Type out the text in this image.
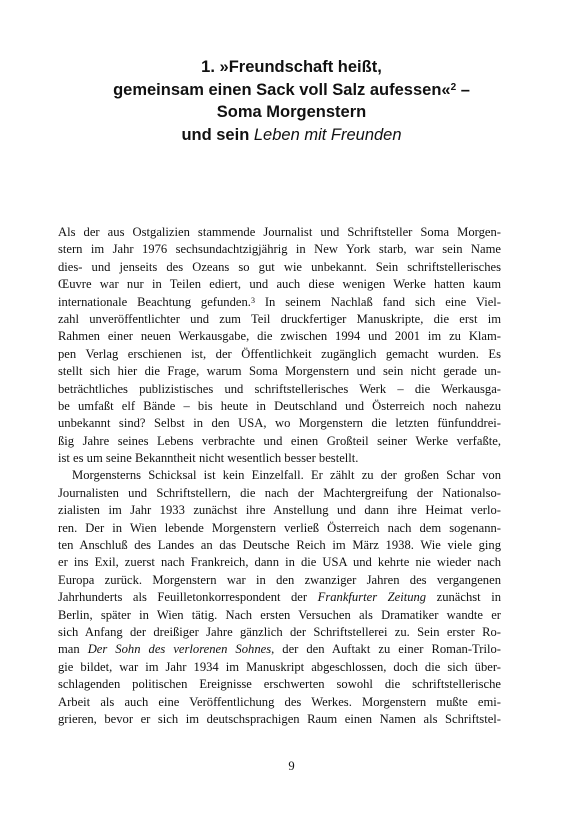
1. »Freundschaft heißt,
gemeinsam einen Sack voll Salz aufessen«$^2$ –
Soma Morgenstern
und sein Leben mit Freunden
Als der aus Ostgalizien stammende Journalist und Schriftsteller Soma Morgen-
stern im Jahr 1976 sechsundachtzigjährig in New York starb, war sein Name
dies- und jenseits des Ozeans so gut wie unbekannt. Sein schriftstellerisches
Œuvre war nur in Teilen ediert, und auch diese wenigen Werke hatten kaum
internationale Beachtung gefunden.$^3$ In seinem Nachlaß fand sich eine Viel-
zahl unveröffentlichter und zum Teil druckfertiger Manuskripte, die erst im
Rahmen einer neuen Werkausgabe, die zwischen 1994 und 2001 im zu Klam-
pen Verlag erschienen ist, der Öffentlichkeit zugänglich gemacht wurden. Es
stellt sich hier die Frage, warum Soma Morgenstern und sein nicht gerade un-
beträchtliches publizistisches und schriftstellerisches Werk – die Werkausga-
be umfaßt elf Bände – bis heute in Deutschland und Österreich noch nahezu
unbekannt sind? Selbst in den USA, wo Morgenstern die letzten fünfunddrei-
ßig Jahre seines Lebens verbrachte und einen Großteil seiner Werke verfaßte,
ist es um seine Bekanntheit nicht wesentlich besser bestellt.
Morgensterns Schicksal ist kein Einzelfall. Er zählt zu der großen Schar von
Journalisten und Schriftstellern, die nach der Machtergreifung der Nationalso-
zialisten im Jahr 1933 zunächst ihre Anstellung und dann ihre Heimat verlo-
ren. Der in Wien lebende Morgenstern verließ Österreich nach dem sogenann-
ten Anschluß des Landes an das Deutsche Reich im März 1938. Wie viele ging
er ins Exil, zuerst nach Frankreich, dann in die USA und kehrte nie wieder nach
Europa zurück. Morgenstern war in den zwanziger Jahren des vergangenen
Jahrhunderts als Feuilletonkorrespondent der Frankfurter Zeitung zunächst in
Berlin, später in Wien tätig. Nach ersten Versuchen als Dramatiker wandte er
sich Anfang der dreißiger Jahre gänzlich der Schriftstellerei zu. Sein erster Ro-
man Der Sohn des verlorenen Sohnes, der den Auftakt zu einer Roman-Trilo-
gie bildet, war im Jahr 1934 im Manuskript abgeschlossen, doch die sich über-
schlagenden politischen Ereignisse erschwerten sowohl die schriftstellerische
Arbeit als auch eine Veröffentlichung des Werkes. Morgenstern mußte emi-
grieren, bevor er sich im deutschsprachigen Raum einen Namen als Schriftstel-
9
